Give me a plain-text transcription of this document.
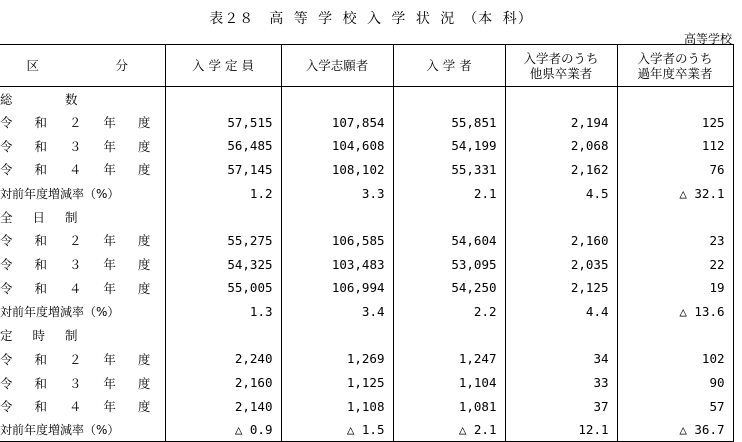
表２８　高 等 学 校 入 学 状 況　（本 科）
高等学校
区　分	入 学 定 員	入学志願者	入 学 者	入学者のうち
他県卒業者	入学者のうち
過年度卒業者
総　数					
令 和 ２ 年 度	57,515	107,854	55,851	2,194	125
令 和 ３ 年 度	56,485	104,608	54,199	2,068	112
令 和 ４ 年 度	57,145	108,102	55,331	2,162	76
対前年度増減率（%）	1.2	3.3	2.1	4.5	△ 32.1
全日制					
令 和 ２ 年 度	55,275	106,585	54,604	2,160	23
令 和 ３ 年 度	54,325	103,483	53,095	2,035	22
令 和 ４ 年 度	55,005	106,994	54,250	2,125	19
対前年度増減率（%）	1.3	3.4	2.2	4.4	△ 13.6
定時制					
令 和 ２ 年 度	2,240	1,269	1,247	34	102
令 和 ３ 年 度	2,160	1,125	1,104	33	90
令 和 ４ 年 度	2,140	1,108	1,081	37	57
対前年度増減率（%）	△ 0.9	△ 1.5	△ 2.1	12.1	△ 36.7
